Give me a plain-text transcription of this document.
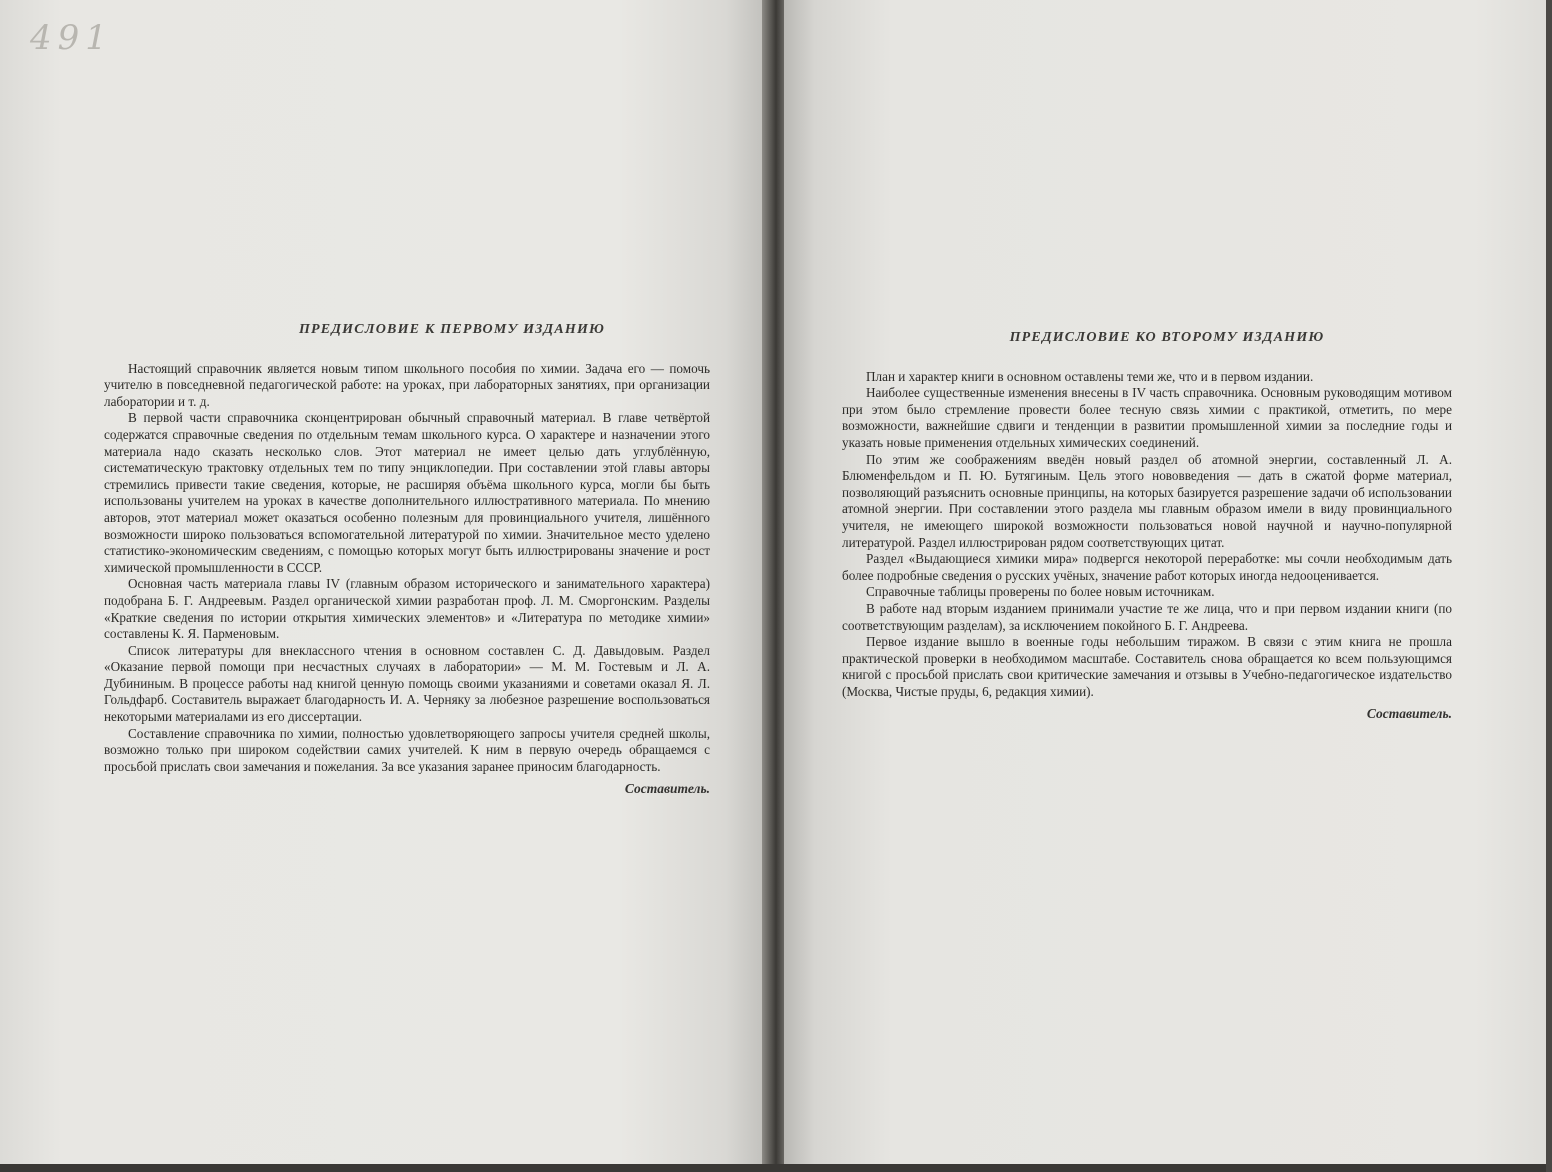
491
ПРЕДИСЛОВИЕ К ПЕРВОМУ ИЗДАНИЮ

Настоящий справочник является новым типом школьного пособия по химии. Задача его — помочь учителю в повседневной педагогической работе: на уроках, при лабораторных занятиях, при организации лаборатории и т. д.

В первой части справочника сконцентрирован обычный справочный материал. В главе четвёртой содержатся справочные сведения по отдельным темам школьного курса. О характере и назначении этого материала надо сказать несколько слов. Этот материал не имеет целью дать углублённую, систематическую трактовку отдельных тем по типу энциклопедии. При составлении этой главы авторы стремились привести такие сведения, которые, не расширяя объёма школьного курса, могли бы быть использованы учителем на уроках в качестве дополнительного иллюстративного материала. По мнению авторов, этот материал может оказаться особенно полезным для провинциального учителя, лишённого возможности широко пользоваться вспомогательной литературой по химии. Значительное место уделено статистико-экономическим сведениям, с помощью которых могут быть иллюстрированы значение и рост химической промышленности в СССР.

Основная часть материала главы IV (главным образом исторического и занимательного характера) подобрана Б. Г. Андреевым. Раздел органической химии разработан проф. Л. М. Сморгонским. Разделы «Краткие сведения по истории открытия химических элементов» и «Литература по методике химии» составлены К. Я. Парменовым.

Список литературы для внеклассного чтения в основном составлен С. Д. Давыдовым. Раздел «Оказание первой помощи при несчастных случаях в лаборатории» — М. М. Гостевым и Л. А. Дубининым. В процессе работы над книгой ценную помощь своими указаниями и советами оказал Я. Л. Гольдфарб. Составитель выражает благодарность И. А. Черняку за любезное разрешение воспользоваться некоторыми материалами из его диссертации.

Составление справочника по химии, полностью удовлетворяющего запросы учителя средней школы, возможно только при широком содействии самих учителей. К ним в первую очередь обращаемся с просьбой прислать свои замечания и пожелания. За все указания заранее приносим благодарность.

Составитель.
ПРЕДИСЛОВИЕ КО ВТОРОМУ ИЗДАНИЮ

План и характер книги в основном оставлены теми же, что и в первом издании.

Наиболее существенные изменения внесены в IV часть справочника. Основным руководящим мотивом при этом было стремление провести более тесную связь химии с практикой, отметить, по мере возможности, важнейшие сдвиги и тенденции в развитии промышленной химии за последние годы и указать новые применения отдельных химических соединений.

По этим же соображениям введён новый раздел об атомной энергии, составленный Л. А. Блюменфельдом и П. Ю. Бутягиным. Цель этого нововведения — дать в сжатой форме материал, позволяющий разъяснить основные принципы, на которых базируется разрешение задачи об использовании атомной энергии. При составлении этого раздела мы главным образом имели в виду провинциального учителя, не имеющего широкой возможности пользоваться новой научной и научно-популярной литературой. Раздел иллюстрирован рядом соответствующих цитат.

Раздел «Выдающиеся химики мира» подвергся некоторой переработке: мы сочли необходимым дать более подробные сведения о русских учёных, значение работ которых иногда недооценивается.

Справочные таблицы проверены по более новым источникам.

В работе над вторым изданием принимали участие те же лица, что и при первом издании книги (по соответствующим разделам), за исключением покойного Б. Г. Андреева.

Первое издание вышло в военные годы небольшим тиражом. В связи с этим книга не прошла практической проверки в необходимом масштабе. Составитель снова обращается ко всем пользующимся книгой с просьбой прислать свои критические замечания и отзывы в Учебно-педагогическое издательство (Москва, Чистые пруды, 6, редакция химии).

Составитель.
